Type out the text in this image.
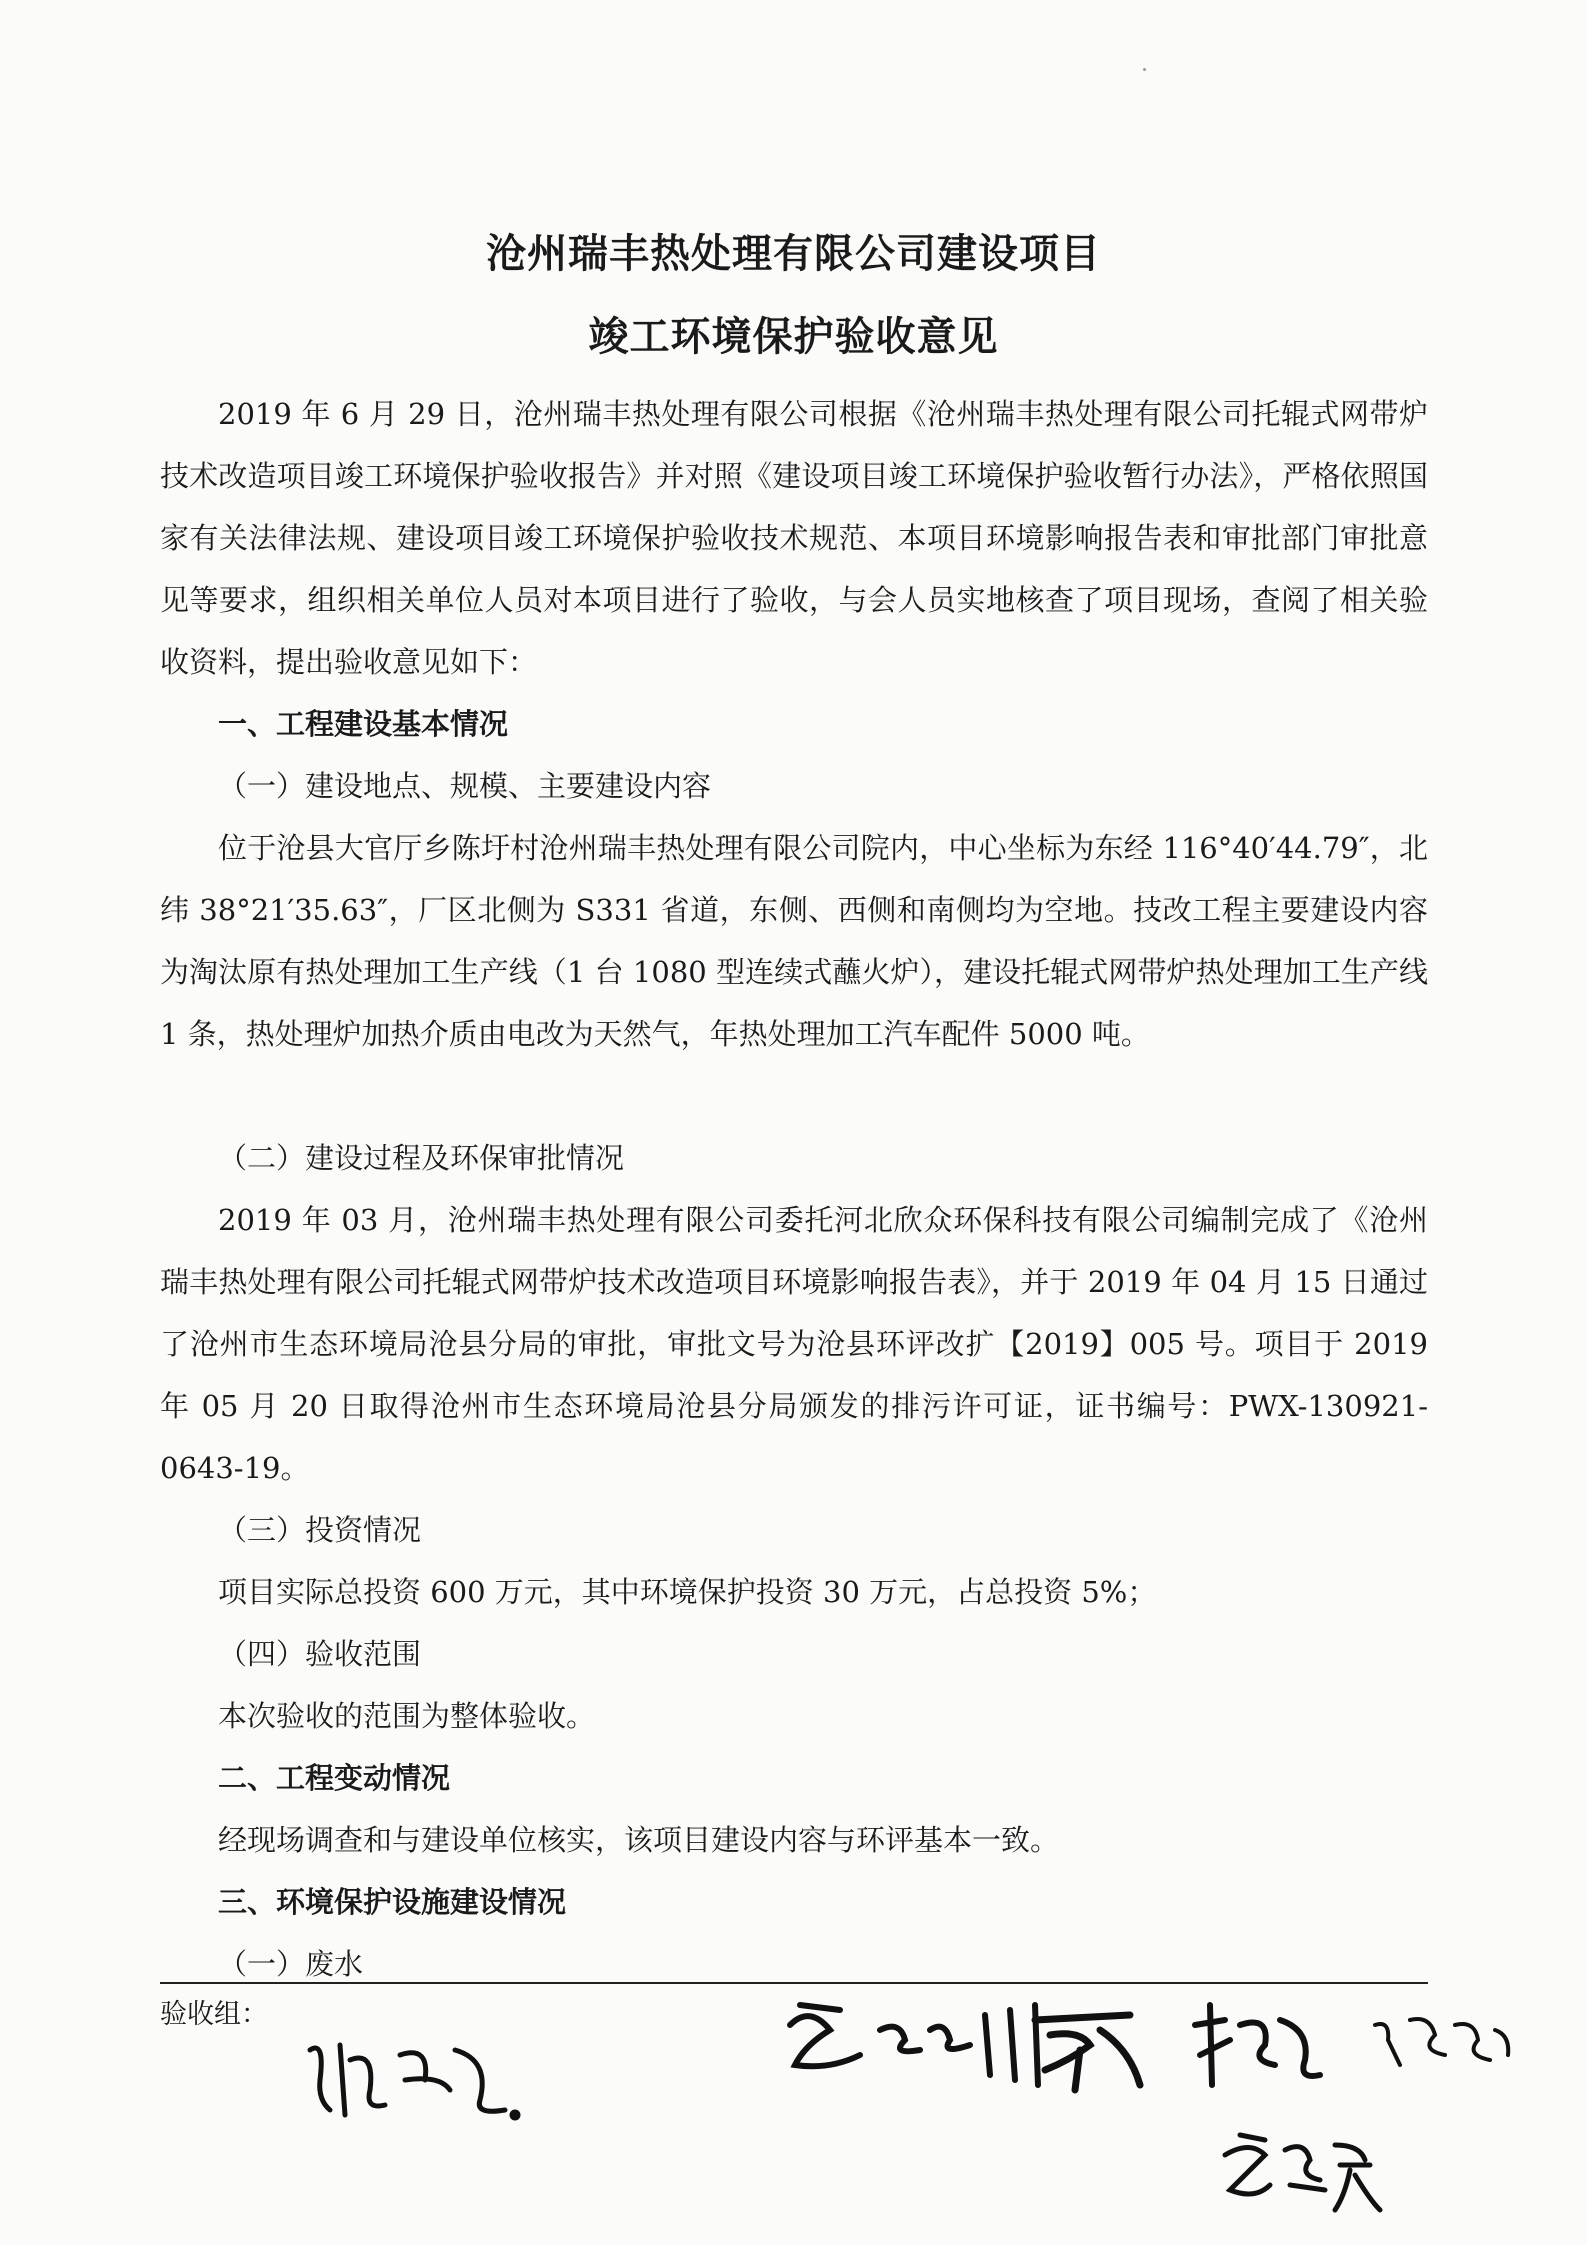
沧州瑞丰热处理有限公司建设项目
竣工环境保护验收意见

2019 年 6 月 29 日，沧州瑞丰热处理有限公司根据《沧州瑞丰热处理有限公司托辊式网带炉技术改造项目竣工环境保护验收报告》并对照《建设项目竣工环境保护验收暂行办法》，严格依照国家有关法律法规、建设项目竣工环境保护验收技术规范、本项目环境影响报告表和审批部门审批意见等要求，组织相关单位人员对本项目进行了验收，与会人员实地核查了项目现场，查阅了相关验收资料，提出验收意见如下：

一、工程建设基本情况

（一）建设地点、规模、主要建设内容

位于沧县大官厅乡陈圩村沧州瑞丰热处理有限公司院内，中心坐标为东经 116°40′44.79″，北纬 38°21′35.63″，厂区北侧为 S331 省道，东侧、西侧和南侧均为空地。技改工程主要建设内容为淘汰原有热处理加工生产线（1 台 1080 型连续式蘸火炉），建设托辊式网带炉热处理加工生产线 1 条，热处理炉加热介质由电改为天然气，年热处理加工汽车配件 5000 吨。

（二）建设过程及环保审批情况

2019 年 03 月，沧州瑞丰热处理有限公司委托河北欣众环保科技有限公司编制完成了《沧州瑞丰热处理有限公司托辊式网带炉技术改造项目环境影响报告表》，并于 2019 年 04 月 15 日通过了沧州市生态环境局沧县分局的审批，审批文号为沧县环评改扩【2019】005 号。项目于 2019 年 05 月 20 日取得沧州市生态环境局沧县分局颁发的排污许可证，证书编号：PWX-130921-0643-19。

（三）投资情况

项目实际总投资 600 万元，其中环境保护投资 30 万元，占总投资 5%；

（四）验收范围

本次验收的范围为整体验收。

二、工程变动情况

经现场调查和与建设单位核实，该项目建设内容与环评基本一致。

三、环境保护设施建设情况

（一）废水

验收组：
